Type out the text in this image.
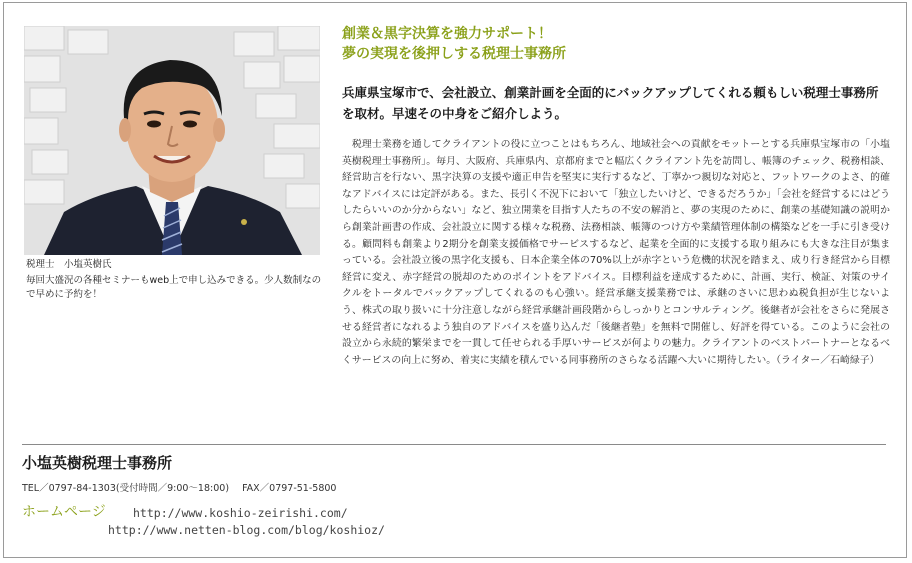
税理士　小塩英樹氏

毎回大盛況の各種セミナーもweb上で申し込みできる。少人数制なので早めに予約を！

創業＆黒字決算を強力サポート！
夢の実現を後押しする税理士事務所
兵庫県宝塚市で、会社設立、創業計画を全面的にバックアップしてくれる頼もしい税理士事務所を取材。早速その中身をご紹介しよう。

税理士業務を通してクライアントの役に立つことはもちろん、地域社会への貢献をモットーとする兵庫県宝塚市の「小塩英樹税理士事務所」。毎月、大阪府、兵庫県内、京都府までと幅広くクライアント先を訪問し、帳簿のチェック、税務相談、経営助言を行ない、黒字決算の支援や適正申告を堅実に実行するなど、丁寧かつ親切な対応と、フットワークのよさ、的確なアドバイスには定評がある。また、長引く不況下において「独立したいけど、できるだろうか」「会社を経営するにはどうしたらいいのか分からない」など、独立開業を目指す人たちの不安の解消と、夢の実現のために、創業の基礎知識の説明から創業計画書の作成、会社設立に関する様々な税務、法務相談、帳簿のつけ方や業績管理体制の構築などを一手に引き受ける。顧問料も創業より2期分を創業支援価格でサービスするなど、起業を全面的に支援する取り組みにも大きな注目が集まっている。会社設立後の黒字化支援も、日本企業全体の70%以上が赤字という危機的状況を踏まえ、成り行き経営から目標経営に変え、赤字経営の脱却のためのポイントをアドバイス。目標利益を達成するために、計画、実行、検証、対策のサイクルをトータルでバックアップしてくれるのも心強い。経営承継支援業務では、承継のさいに思わぬ税負担が生じないよう、株式の取り扱いに十分注意しながら経営承継計画段階からしっかりとコンサルティング。後継者が会社をさらに発展させる経営者になれるよう独自のアドバイスを盛り込んだ「後継者塾」を無料で開催し、好評を得ている。このように会社の設立から永続的繁栄までを一貫して任せられる手厚いサービスが何よりの魅力。クライアントのベストパートナーとなるべくサービスの向上に努め、着実に実績を積んでいる同事務所のさらなる活躍へ大いに期待したい。（ライター／石崎緑子）

小塩英樹税理士事務所
TEL／0797-84-1303(受付時間／9:00～18:00) FAX／0797-51-5800
ホームページ http://www.koshio-zeirishi.com/
http://www.netten-blog.com/blog/koshioz/
